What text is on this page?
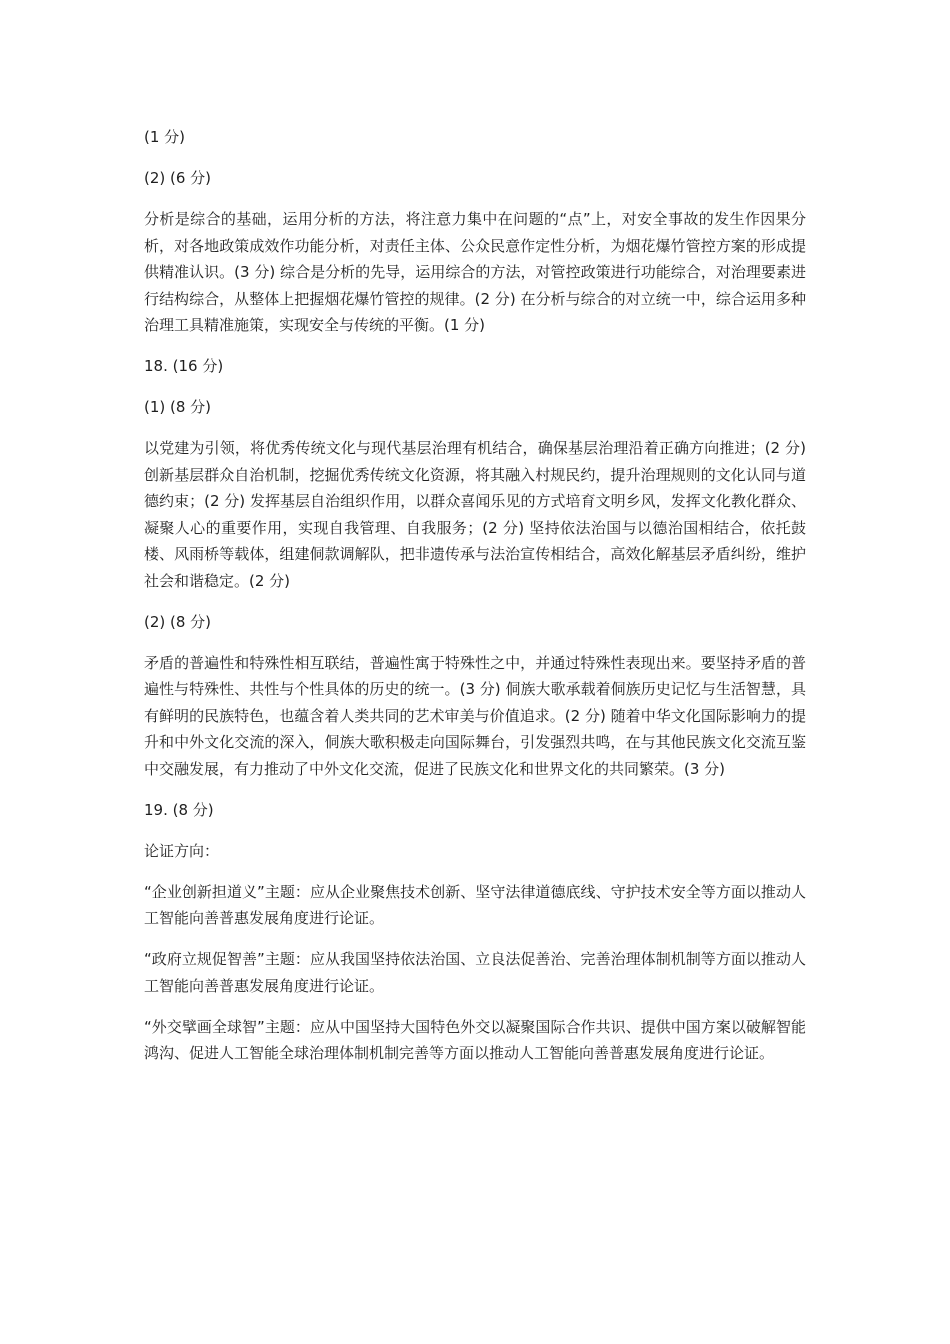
(1 分)

(2) (6 分)

分析是综合的基础，运用分析的方法，将注意力集中在问题的“点”上，对安全事故的发生作因果分析，对各地政策成效作功能分析，对责任主体、公众民意作定性分析，为烟花爆竹管控方案的形成提供精准认识。(3 分) 综合是分析的先导，运用综合的方法，对管控政策进行功能综合，对治理要素进行结构综合，从整体上把握烟花爆竹管控的规律。(2 分) 在分析与综合的对立统一中，综合运用多种治理工具精准施策，实现安全与传统的平衡。(1 分)

18. (16 分)

(1) (8 分)

以党建为引领，将优秀传统文化与现代基层治理有机结合，确保基层治理沿着正确方向推进；(2 分) 创新基层群众自治机制，挖掘优秀传统文化资源，将其融入村规民约，提升治理规则的文化认同与道德约束；(2 分) 发挥基层自治组织作用，以群众喜闻乐见的方式培育文明乡风，发挥文化教化群众、凝聚人心的重要作用，实现自我管理、自我服务；(2 分) 坚持依法治国与以德治国相结合，依托鼓楼、风雨桥等载体，组建侗款调解队，把非遗传承与法治宣传相结合，高效化解基层矛盾纠纷，维护社会和谐稳定。(2 分)

(2) (8 分)

矛盾的普遍性和特殊性相互联结，普遍性寓于特殊性之中，并通过特殊性表现出来。要坚持矛盾的普遍性与特殊性、共性与个性具体的历史的统一。(3 分) 侗族大歌承载着侗族历史记忆与生活智慧，具有鲜明的民族特色，也蕴含着人类共同的艺术审美与价值追求。(2 分) 随着中华文化国际影响力的提升和中外文化交流的深入，侗族大歌积极走向国际舞台，引发强烈共鸣，在与其他民族文化交流互鉴中交融发展，有力推动了中外文化交流，促进了民族文化和世界文化的共同繁荣。(3 分)

19. (8 分)

论证方向：

“企业创新担道义”主题：应从企业聚焦技术创新、坚守法律道德底线、守护技术安全等方面以推动人工智能向善普惠发展角度进行论证。

“政府立规促智善”主题：应从我国坚持依法治国、立良法促善治、完善治理体制机制等方面以推动人工智能向善普惠发展角度进行论证。

“外交擘画全球智”主题：应从中国坚持大国特色外交以凝聚国际合作共识、提供中国方案以破解智能鸿沟、促进人工智能全球治理体制机制完善等方面以推动人工智能向善普惠发展角度进行论证。
